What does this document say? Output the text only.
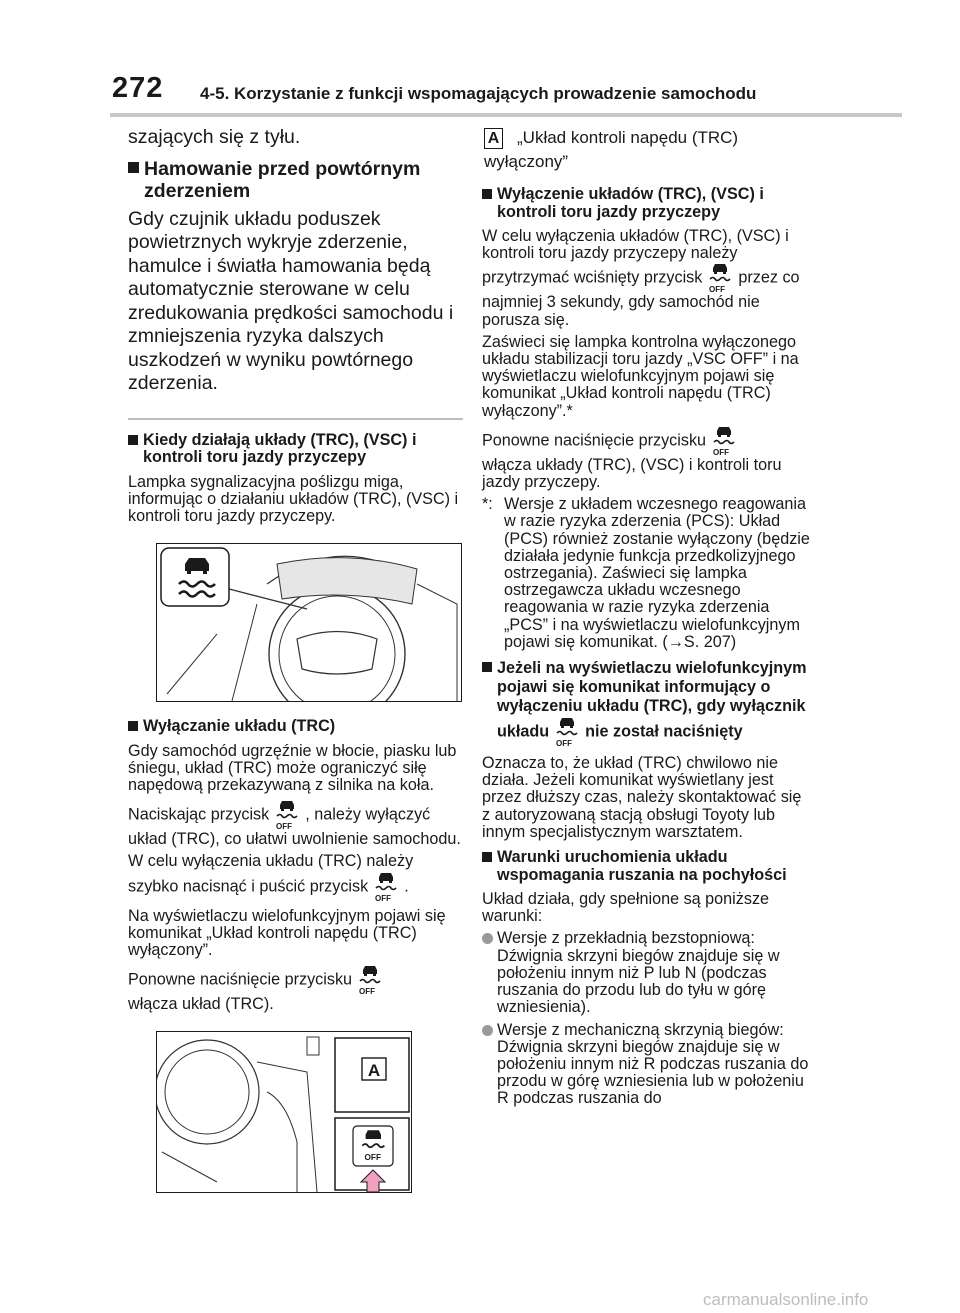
272 4-5. Korzystanie z funkcji wspomagających prowadzenie samochodu
szających się z tyłu.
Hamowanie przed powtórnym zderzeniem
Gdy czujnik układu poduszek powietrznych wykryje zderzenie, hamulce i światła hamowania będą automatycznie sterowane w celu zredukowania prędkości samochodu i zmniejszenia ryzyka dalszych uszkodzeń w wyniku powtórnego zderzenia.
Kiedy działają układy (TRC), (VSC) i kontroli toru jazdy przyczepy
Lampka sygnalizacyjna poślizgu miga, informując o działaniu układów (TRC), (VSC) i kontroli toru jazdy przyczepy.
Wyłączanie układu (TRC)
Gdy samochód ugrzęźnie w błocie, piasku lub śniegu, układ (TRC) może ograniczyć siłę napędową przekazywaną z silnika na koła.
Naciskając przycisk , należy wyłączyć
układ (TRC), co ułatwi uwolnienie samochodu.
W celu wyłączenia układu (TRC) należy szybko nacisnąć i puścić przycisk .
Na wyświetlaczu wielofunkcyjnym pojawi się komunikat „Układ kontroli napędu (TRC) wyłączony”.
Ponowne naciśnięcie przycisku
włącza układ (TRC).
A
OFF
A „Układ kontroli napędu (TRC) wyłączony”
Wyłączenie układów (TRC), (VSC) i kontroli toru jazdy przyczepy
W celu wyłączenia układów (TRC), (VSC) i kontroli toru jazdy przyczepy należy przytrzymać wciśnięty przycisk przez co najmniej 3 sekundy, gdy samochód nie porusza się.
Zaświeci się lampka kontrolna wyłączonego układu stabilizacji toru jazdy „VSC OFF” i na wyświetlaczu wielofunkcyjnym pojawi się komunikat „Układ kontroli napędu (TRC) wyłączony”.*
Ponowne naciśnięcie przycisku
włącza układy (TRC), (VSC) i kontroli toru jazdy przyczepy.
*: Wersje z układem wczesnego reagowania w razie ryzyka zderzenia (PCS): Układ (PCS) również zostanie wyłączony (będzie działała jedynie funkcja przedkolizyjnego ostrzegania). Zaświeci się lampka ostrzegawcza układu wczesnego reagowania w razie ryzyka zderzenia „PCS” i na wyświetlaczu wielofunkcyjnym pojawi się komunikat. (→S. 207)
Jeżeli na wyświetlaczu wielofunkcyjnym pojawi się komunikat informujący o wyłączeniu układu (TRC), gdy wyłącznik układu nie został naciśnięty
Oznacza to, że układ (TRC) chwilowo nie działa. Jeżeli komunikat wyświetlany jest przez dłuższy czas, należy skontaktować się z autoryzowaną stacją obsługi Toyoty lub innym specjalistycznym warsztatem.
Warunki uruchomienia układu wspomagania ruszania na pochyłości
Układ działa, gdy spełnione są poniższe warunki:
Wersje z przekładnią bezstopniową: Dźwignia skrzyni biegów znajduje się w położeniu innym niż P lub N (podczas ruszania do przodu lub do tyłu w górę wzniesienia).
Wersje z mechaniczną skrzynią biegów: Dźwignia skrzyni biegów znajduje się w położeniu innym niż R podczas ruszania do przodu w górę wzniesienia lub w położeniu R podczas ruszania do
carmanualsonline.info
